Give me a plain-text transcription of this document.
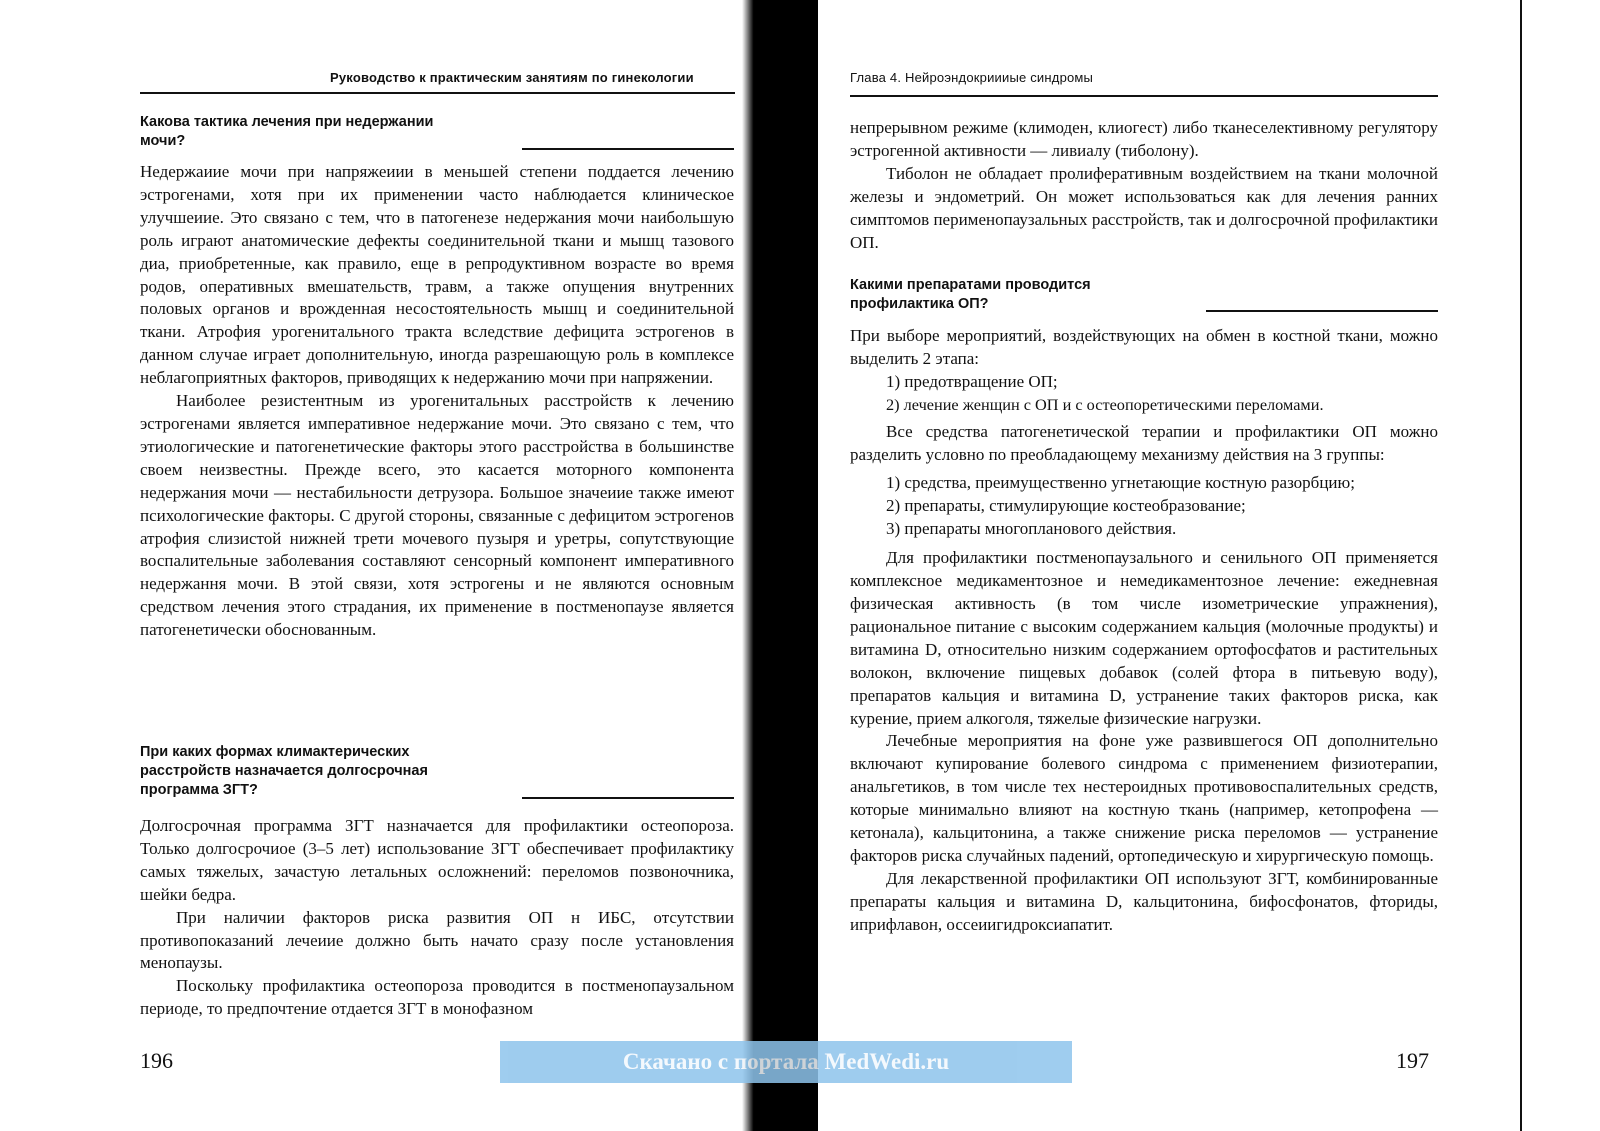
Руководство к практическим занятиям по гинекологии
Какова тактика лечения при недержании
мочи?

Недержаиие мочи при напряжеиии в меньшей степени поддается лечению эстрогенами, хотя при их применении часто наблюдается клиническое улучшеиие. Это связано с тем, что в патогенезе недержания мочи наибольшую роль играют анатомические дефекты соединительной ткани и мышц тазового диа, приобретенные, как правило, еще в репродуктивном возрасте во время родов, оперативных вмешательств, травм, а также опущения внутренних половых органов и врожденная несостоятельность мышц и соединительной ткани. Атрофия урогенитального тракта вследствие дефицита эстрогенов в данном случае играет дополнительную, иногда разрешающую роль в комплексе неблагоприятных факторов, приводящих к недержанию мочи при напряжении.

Наиболее резистентным из урогенитальных расстройств к лечению эстрогенами является императивное недержание мочи. Это связано с тем, что этиологические и патогенетические факторы этого расстройства в большинстве своем неизвестны. Прежде всего, это касается моторного компонента недержания мочи — нестабильности детрузора. Большое значеиие также имеют психологические факторы. С другой стороны, связанные с дефицитом эстрогенов атрофия слизистой нижней трети мочевого пузыря и уретры, сопутствующие воспалительные заболевания составляют сенсорный компонент императивного недержання мочи. В этой связи, хотя эстрогены и не являются основным средством лечения этого страдания, их применение в постменопаузе является патогенетически обоснованным.

При каких формах климактерических
расстройств назначается долгосрочная
программа ЗГТ?

Долгосрочная программа ЗГТ назначается для профилактики остеопороза. Только долгосрочиое (3–5 лет) использование ЗГТ обеспечивает профилактику самых тяжелых, зачастую летальных осложнений: переломов позвоночника, шейки бедра.

При наличии факторов риска развития ОП н ИБС, отсутствии противопоказаний лечеиие должно быть начато сразу после установления менопаузы.

Поскольку профилактика остеопороза проводится в постменопаузальном периоде, то предпочтение отдается ЗГТ в монофазном

196
Глава 4. Нейроэндокриииые синдромы

непрерывном режиме (климоден, клиогест) либо тканеселективному регулятору эстрогенной активности — ливиалу (тиболону).

Тиболон не обладает пролиферативным воздействием на ткани молочной железы и эндометрий. Он может использоваться как для лечения ранних симптомов перименопаузальных расстройств, так и долгосрочной профилактики ОП.

Какими препаратами проводится
профилактика ОП?

При выборе мероприятий, воздействующих на обмен в костной ткани, можно выделить 2 этапа:

1) предотвращение ОП;

2) лечение женщин с ОП и с остеопоретическими переломами.

Все средства патогенетической терапии и профилактики ОП можно разделить условно по преобладающему механизму действия на 3 группы:

1) средства, преимущественно угнетающие костную разорбцию;

2) препараты, стимулирующие костеобразование;

3) препараты многопланового действия.

Для профилактики постменопаузального и сенильного ОП применяется комплексное медикаментозное и немедикаментозное лечение: ежедневная физическая активность (в том числе изометрические упражнения), рациональное питание с высоким содержанием кальция (молочные продукты) и витамина D, относительно низким содержанием ортофосфатов и растительных волокон, включение пищевых добавок (солей фтора в питьевую воду), препаратов кальция и витамина D, устранение таких факторов риска, как курение, прием алкоголя, тяжелые физические нагрузки.

Лечебные мероприятия на фоне уже развившегося ОП дополнительно включают купирование болевого синдрома с применением физиотерапии, анальгетиков, в том числе тех нестероидных противовоспалительных средств, которые минимально влияют на костную ткань (например, кетопрофена — кетонала), кальцитонина, а также снижение риска переломов — устранение факторов риска случайных падений, ортопедическую и хирургическую помощь.

Для лекарственной профилактики ОП используют ЗГТ, комбинированные препараты кальция и витамина D, кальцитонина, бифосфонатов, фториды, иприфлавон, оссеиигидроксиапатит.

197
Скачано с портала MedWedi.ru
